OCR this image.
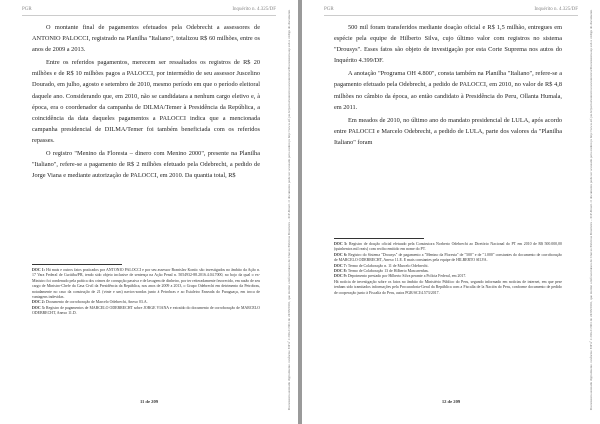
PGR	Inquérito n. 4.325/DF

O montante final de pagamentos efetuados pela Odebrecht a assessores de ANTONIO PALOCCI, registrado na Planilha "Italiano", totalizou R$ 60 milhões, entre os anos de 2009 a 2013.

Entre os referidos pagamentos, merecem ser ressaltados os registros de R$ 20 milhões e de R$ 10 milhões pagos a PALOCCI, por intermédio de seu assessor Juscelino Dourado, em julho, agosto e setembro de 2010, mesmo período em que o período eleitoral daquele ano. Considerando que, em 2010, não se candidatara a nenhum cargo eletivo e, à época, era o coordenador da campanha de DILMA/Temer à Presidência da República, a coincidência da data daqueles pagamentos a PALOCCI indica que a mencionada campanha presidencial de DILMA/Temer foi também beneficiada com os referidos repasses.

O registro "Menino da Floresta – dinero com Menino 2000", presente na Planilha "Italiano", refere-se a pagamento de R$ 2 milhões efetuado pela Odebrecht, a pedido de Jorge Viana e mediante autorização de PALOCCI, em 2010. Da quantia total, R$

DOC 1: Há mais e outros fatos praticados por ANTONIO PALOCCI e por seu assessor Branislav Kontic são investigados no âmbito da Ação n. 17 Vara Federal de Curitiba/PR, tendo sido objeto inclusive de sentença na Ação Penal n. 5054932-88.2016.4.04.7000, no bojo da qual o ex-Ministro foi condenado pela prática dos crimes de corrupção passiva e de lavagem de dinheiro, por ter reiteradamente favorecido, em razão de seu cargo de Ministro-Chefe da Casa Civil da Presidência da República, nos anos de 2009 a 2013, o Grupo Odebrecht em detrimento da Petrobras, notadamente no caso da construção de 21 (vinte e um) navios-sondas junto à Petrobras e ao Estaleiro Enseada do Paraguaçu, em troca de vantagens indevidas.

DOC 2: Documento de corroboração de Marcelo Odebrecht, Anexo 03.A.

DOC 3: Registro de pagamentos de MARCELO ODEBRECHT sobre JORGE VIANA e extraído do documento de corroboração de MARCELO ODEBRECHT, Anexo 11.D.

11 de 209	Documento assinado digitalmente conforme MP nº 2.200-2/2001 de 24/08/2001, que institui a Infraestrutura de Chaves Públicas Brasileira – ICP-Brasil. O documento pode ser acessado pelo endereço http://www.stf.jus.br/portal/autenticacao/autenticarDocumento.asp sob o código do documento
PGR	Inquérito n. 4.325/DF

500 mil foram transferidos mediante doação oficial e R$ 1,5 milhão, entregues em espécie pela equipe de Hilberto Silva, cujo último valor com registros no sistema "Drousys". Esses fatos são objeto de investigação por esta Corte Suprema nos autos do Inquérito 4.399/DF.

A anotação "Programa OH 4.800", consta também na Planilha "Italiano", refere-se a pagamento efetuado pela Odebrecht, a pedido de PALOCCI, em 2010, no valor de R$ 4,8 milhões no câmbio da época, ao então candidato à Presidência do Peru, Ollanta Humala, em 2011.

Em meados de 2010, no último ano do mandato presidencial de LULA, após acordo entre PALOCCI e Marcelo Odebrecht, a pedido de LULA, parte dos valores da "Planilha Italiano" foram

DOC 5: Registro de doação oficial efetuado pela Construtora Norberto Odebrecht ao Diretório Nacional do PT em 2010 de R$ 500.000,00 (quinhentos mil reais) com recibo emitido em nome do PT.

DOC 6: Registro do Sistema "Drousys" de pagamento a "Menino da Floresta" de "500" e de "1.000" constantes do documento de corroboração de MARCELO ODEBRECHT, Anexo 11.E. E mais constantes pela equipe de HILBERTO SILVA.

DOC 7: Termo de Colaboração n. 11 de Marcelo Odebrecht.

DOC 8: Termo de Colaboração 13 de Hilberto Mascarenhas.

DOC 9: Depoimento prestado por Hilberto Silva perante a Polícia Federal, em 2017.

Há notícia de investigação sobre os fatos no âmbito do Ministério Público do Peru, segundo informado em notícias de internet, em que pese tenham sido tramitados informações pela Procuradoria-Geral da República com a Fiscalía de la Nación do Peru, conforme documento de pedido de cooperação junto à Fiscalía do Peru, autos PGR/SCI/4.573/2017.

12 de 209	Documento assinado digitalmente conforme MP nº 2.200-2/2001 de 24/08/2001, que institui a Infraestrutura de Chaves Públicas Brasileira – ICP-Brasil. O documento pode ser acessado pelo endereço http://www.stf.jus.br/portal/autenticacao/autenticarDocumento.asp sob o código do documento
